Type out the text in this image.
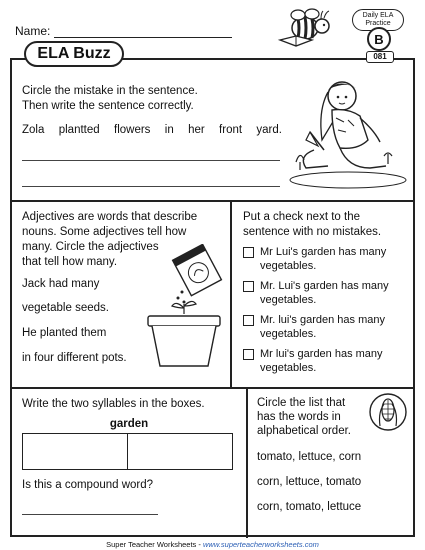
Name:
Daily ELA
Practice
B
081
ELA Buzz
Circle the mistake in the sentence.
Then write the sentence correctly.
Zola plantted flowers in her front yard.
Adjectives are words that describe
nouns. Some adjectives tell how
many. Circle the adjectives
that tell how many.
Jack had many
vegetable seeds.
He planted them
in four different pots.
Put a check next to the
sentence with no mistakes.
Mr Lui's garden has many
vegetables.
Mr. Lui's garden has many
vegetables.
Mr. lui's garden has many
vegetables.
Mr lui's garden has many
vegetables.
Write the two syllables in the boxes.
garden
Is this a compound word?
Circle the list that
has the words in
alphabetical order.
tomato, lettuce, corn
corn, lettuce, tomato
corn, tomato, lettuce
Super Teacher Worksheets - www.superteacherworksheets.com
